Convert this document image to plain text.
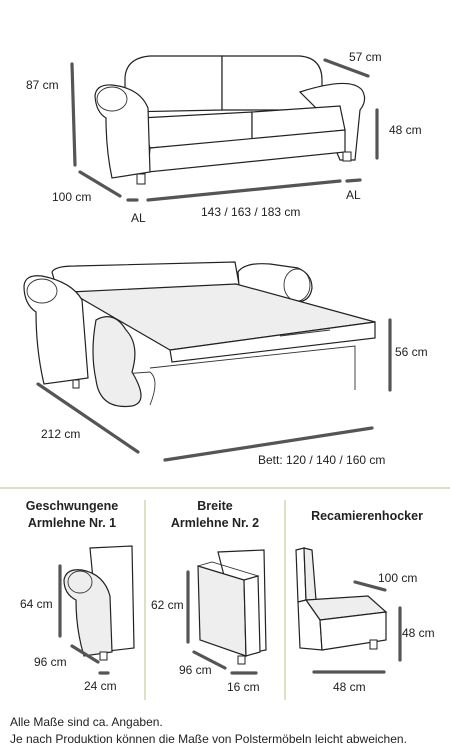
87 cm
57 cm
48 cm
100 cm
AL
AL
143 / 163 / 183 cm
56 cm
212 cm
Bett: 120 / 140 / 160 cm
Geschwungene
Armlehne Nr. 1
64 cm
96 cm
24 cm
Breite
Armlehne Nr. 2
62 cm
96 cm
16 cm
Recamierenhocker
100 cm
48 cm
48 cm
Alle Maße sind ca. Angaben.
Je nach Produktion können die Maße von Polstermöbeln leicht abweichen.
